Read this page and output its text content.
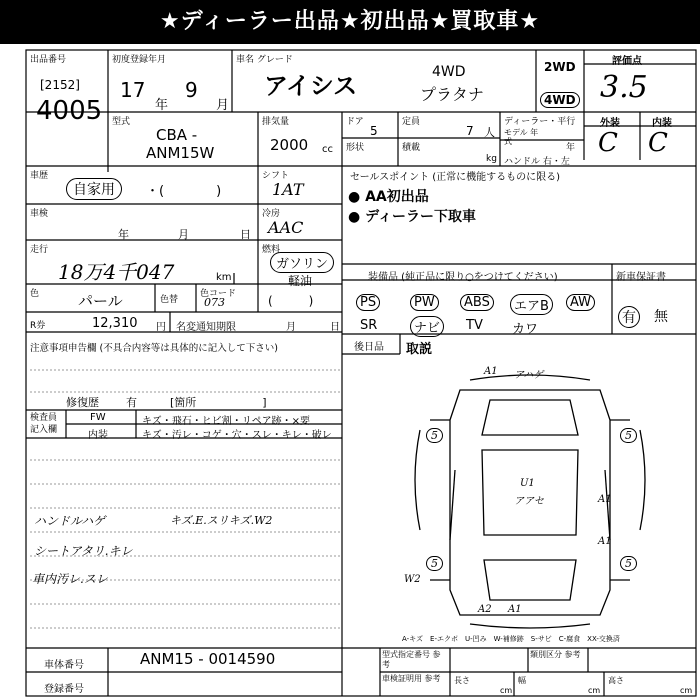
★ディーラー出品★初出品★買取車★
出品番号
[2152]
4005
初度登録年月
17
年
9
月
車名 グレード
アイシス	4WD
プラタナ
2WD
4WD
評価点
3.5
型式
CBA -
ANM15W
排気量
2000 cc
ドア
5
定員
7 人
形状	積載
kg
ディーラー・平行
モデル 年式
年
ハンドル 右・左
外装	内装
C C
車歴
自家用	・(　　　　)
シフト
1AT
車検
年	月	日
冷房
AAC
走行
18万4千047	km
燃料
ガソリン
軽油
色	パール	色替
色コード
073	(　　　)
R券	12,310 円 名変通知期限	月	日
注意事項申告欄 (不具合内容等は具体的に記入して下さい)
修復歴 有	[箇所　　　　　　]
検査員 記入欄
FW	キズ・飛石・ヒビ割・リペア跡・×要
内装	キズ・汚レ・コゲ・穴・スレ・キレ・破レ
ハンドルハゲ	キズ.E.スリキズ.W2
シートアタリ.キレ
車内汚レ.スレ
セールスポイント (正常に機能するものに限る)
● AA初出品
● ディーラー下取車
装備品 (純正品に限り○をつけてください)	新車保証書
PS	PW	ABS	エアB	AW
SR	ナビ	TV カワ
有 無
後日品 取説
A1 アハゲ
5	5
5	5
U1
アアセ	A1
A1
W2
A2 A1
A-キズ　E-エクボ　U-凹み　W-補修跡　S-サビ　C-腐食　XX-交換済
車体番号	ANM15 - 0014590
登録番号
型式指定番号 参考
類別区分 参考
車検証明用 参考	長さ
cm
幅
cm
高さ
cm
